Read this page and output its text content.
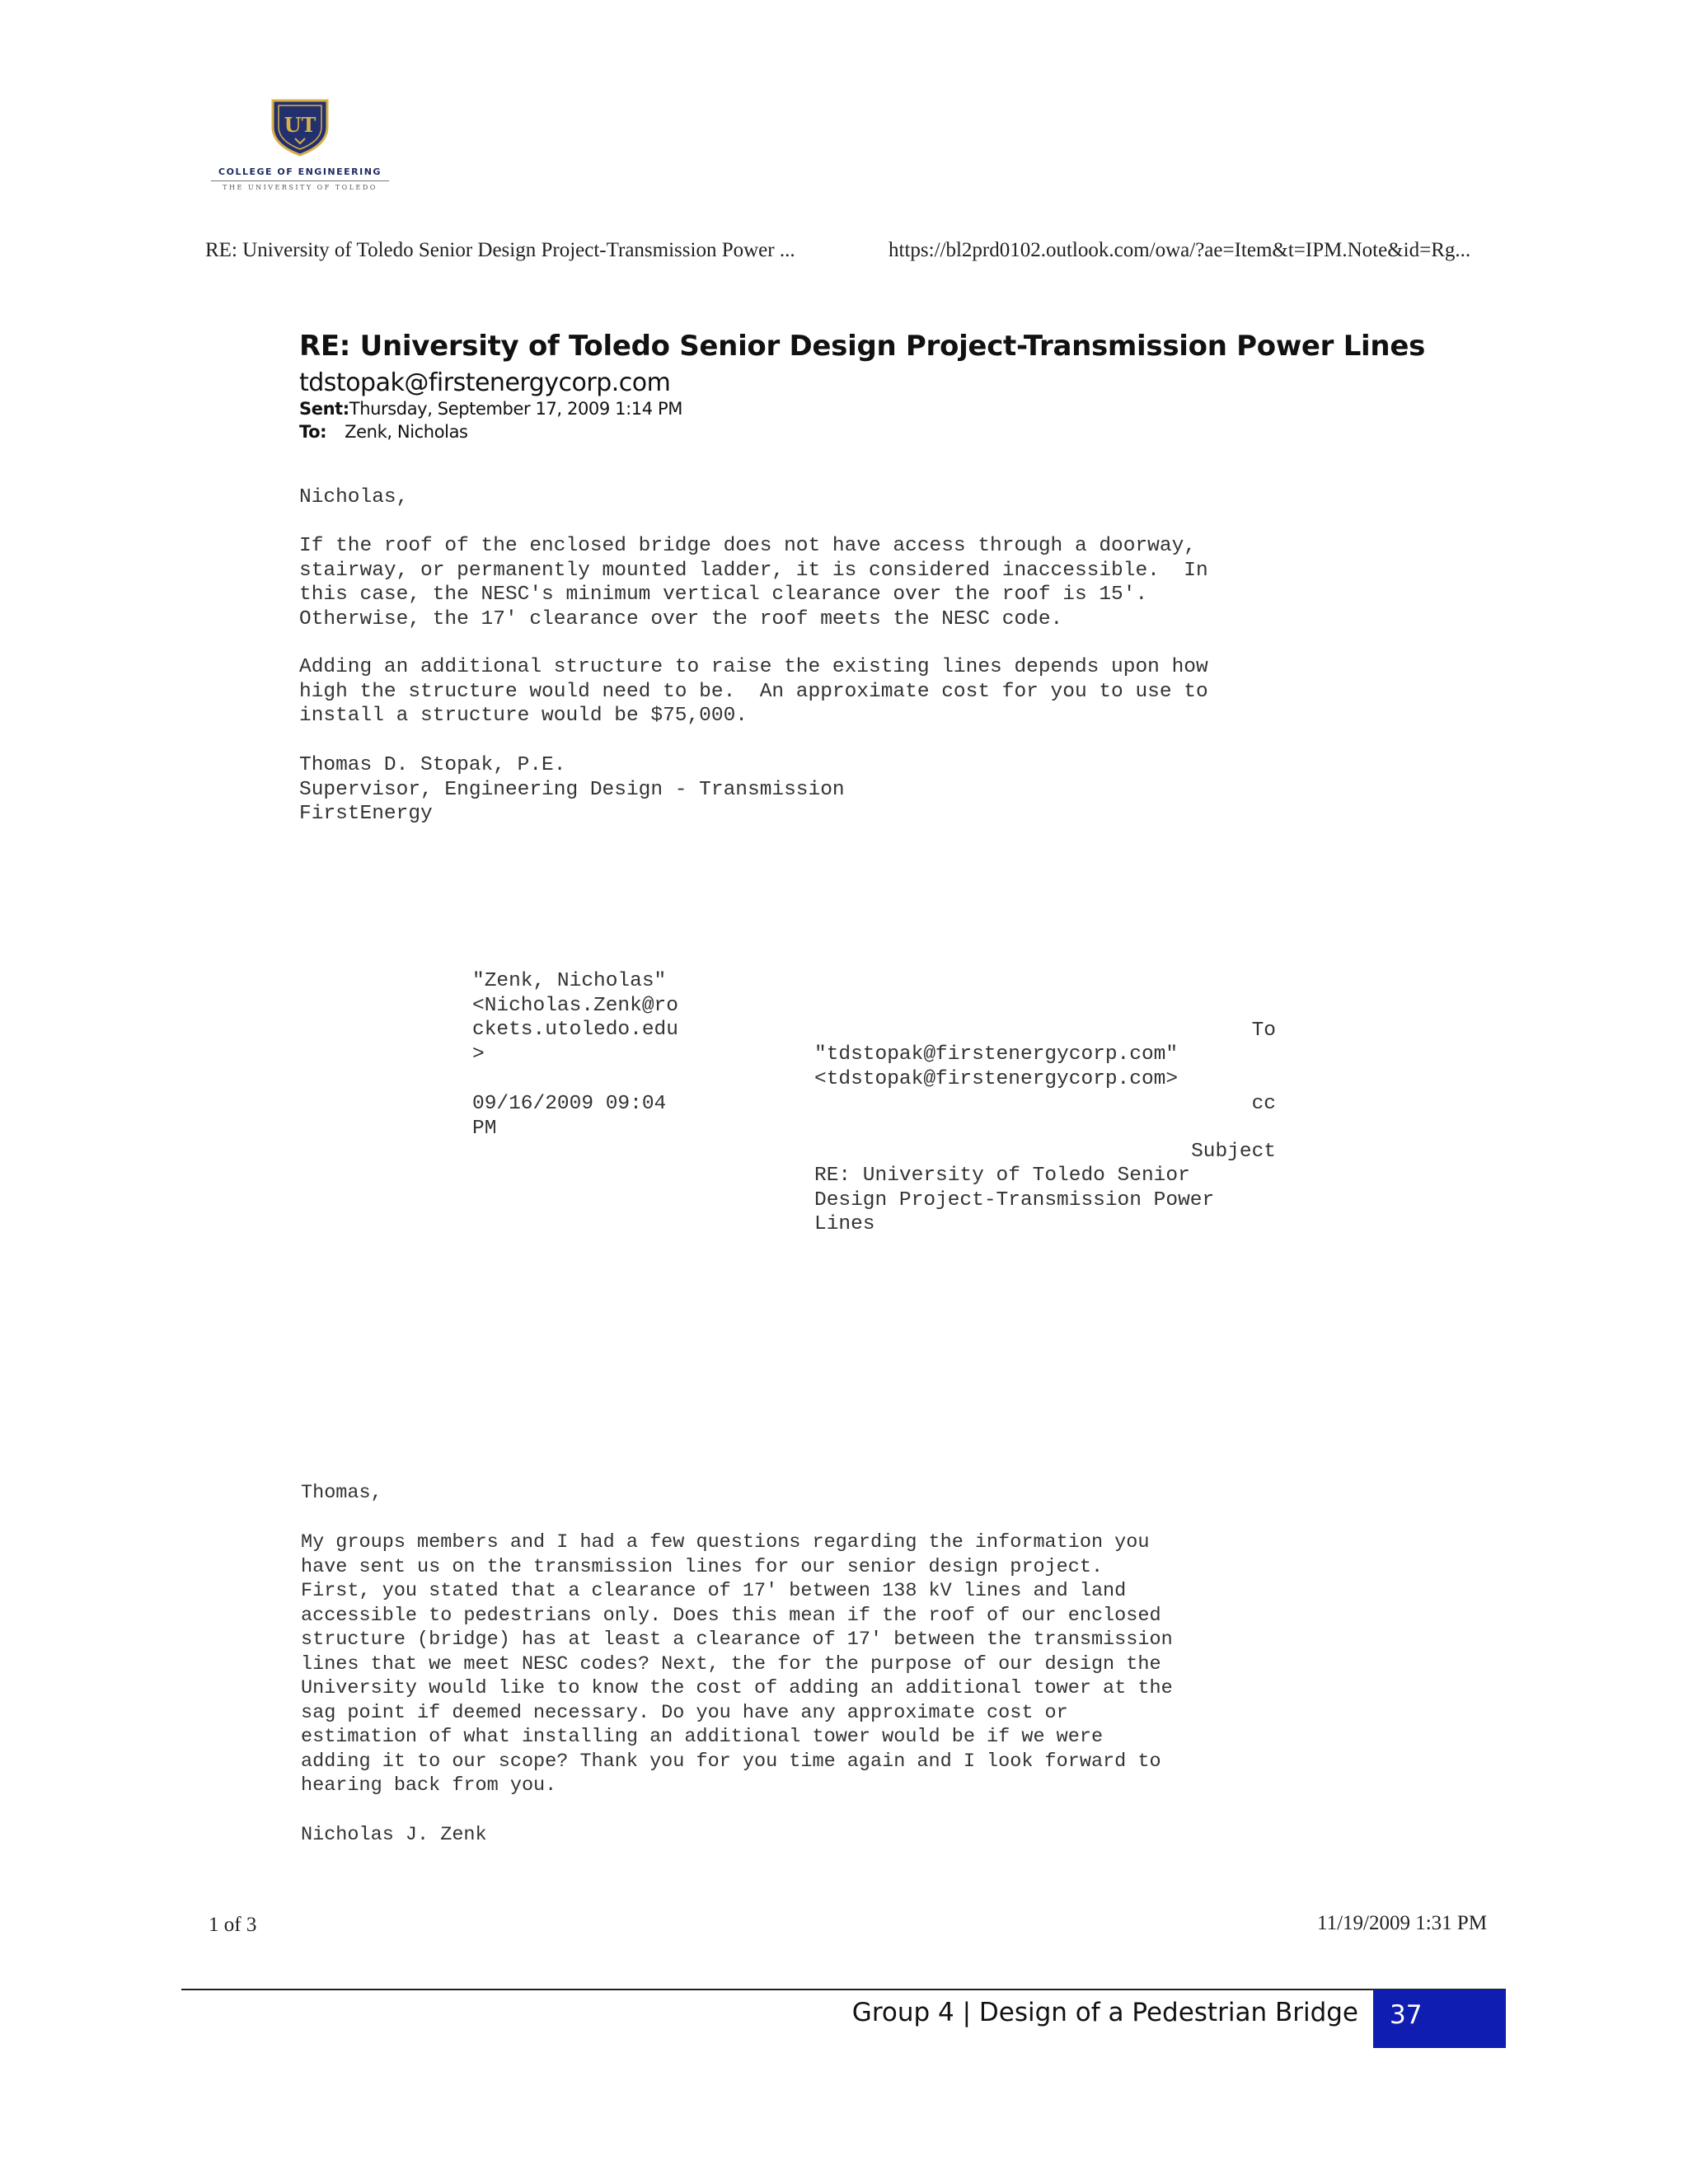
UT
COLLEGE OF ENGINEERING
THE UNIVERSITY OF TOLEDO
RE: University of Toledo Senior Design Project-Transmission Power ...	https://bl2prd0102.outlook.com/owa/?ae=Item&t=IPM.Note&id=Rg...
RE: University of Toledo Senior Design Project-Transmission Power Lines
tdstopak@firstenergycorp.com
Sent:Thursday, September 17, 2009 1:14 PM
To: Zenk, Nicholas
Nicholas,
If the roof of the enclosed bridge does not have access through a doorway,
stairway, or permanently mounted ladder, it is considered inaccessible.  In
this case, the NESC's minimum vertical clearance over the roof is 15'.
Otherwise, the 17' clearance over the roof meets the NESC code.
Adding an additional structure to raise the existing lines depends upon how
high the structure would need to be.  An approximate cost for you to use to
install a structure would be $75,000.
Thomas D. Stopak, P.E.
Supervisor, Engineering Design - Transmission
FirstEnergy
"Zenk, Nicholas"
<Nicholas.Zenk@ro
ckets.utoledo.edu
>
09/16/2009 09:04
PM
To
"tdstopak@firstenergycorp.com"
<tdstopak@firstenergycorp.com>
cc
Subject
RE: University of Toledo Senior
Design Project-Transmission Power
Lines
Thomas,
My groups members and I had a few questions regarding the information you
have sent us on the transmission lines for our senior design project.
First, you stated that a clearance of 17' between 138 kV lines and land
accessible to pedestrians only. Does this mean if the roof of our enclosed
structure (bridge) has at least a clearance of 17' between the transmission
lines that we meet NESC codes? Next, the for the purpose of our design the
University would like to know the cost of adding an additional tower at the
sag point if deemed necessary. Do you have any approximate cost or
estimation of what installing an additional tower would be if we were
adding it to our scope? Thank you for you time again and I look forward to
hearing back from you.
Nicholas J. Zenk
1 of 3	11/19/2009 1:31 PM
Group 4 | Design of a Pedestrian Bridge 37
